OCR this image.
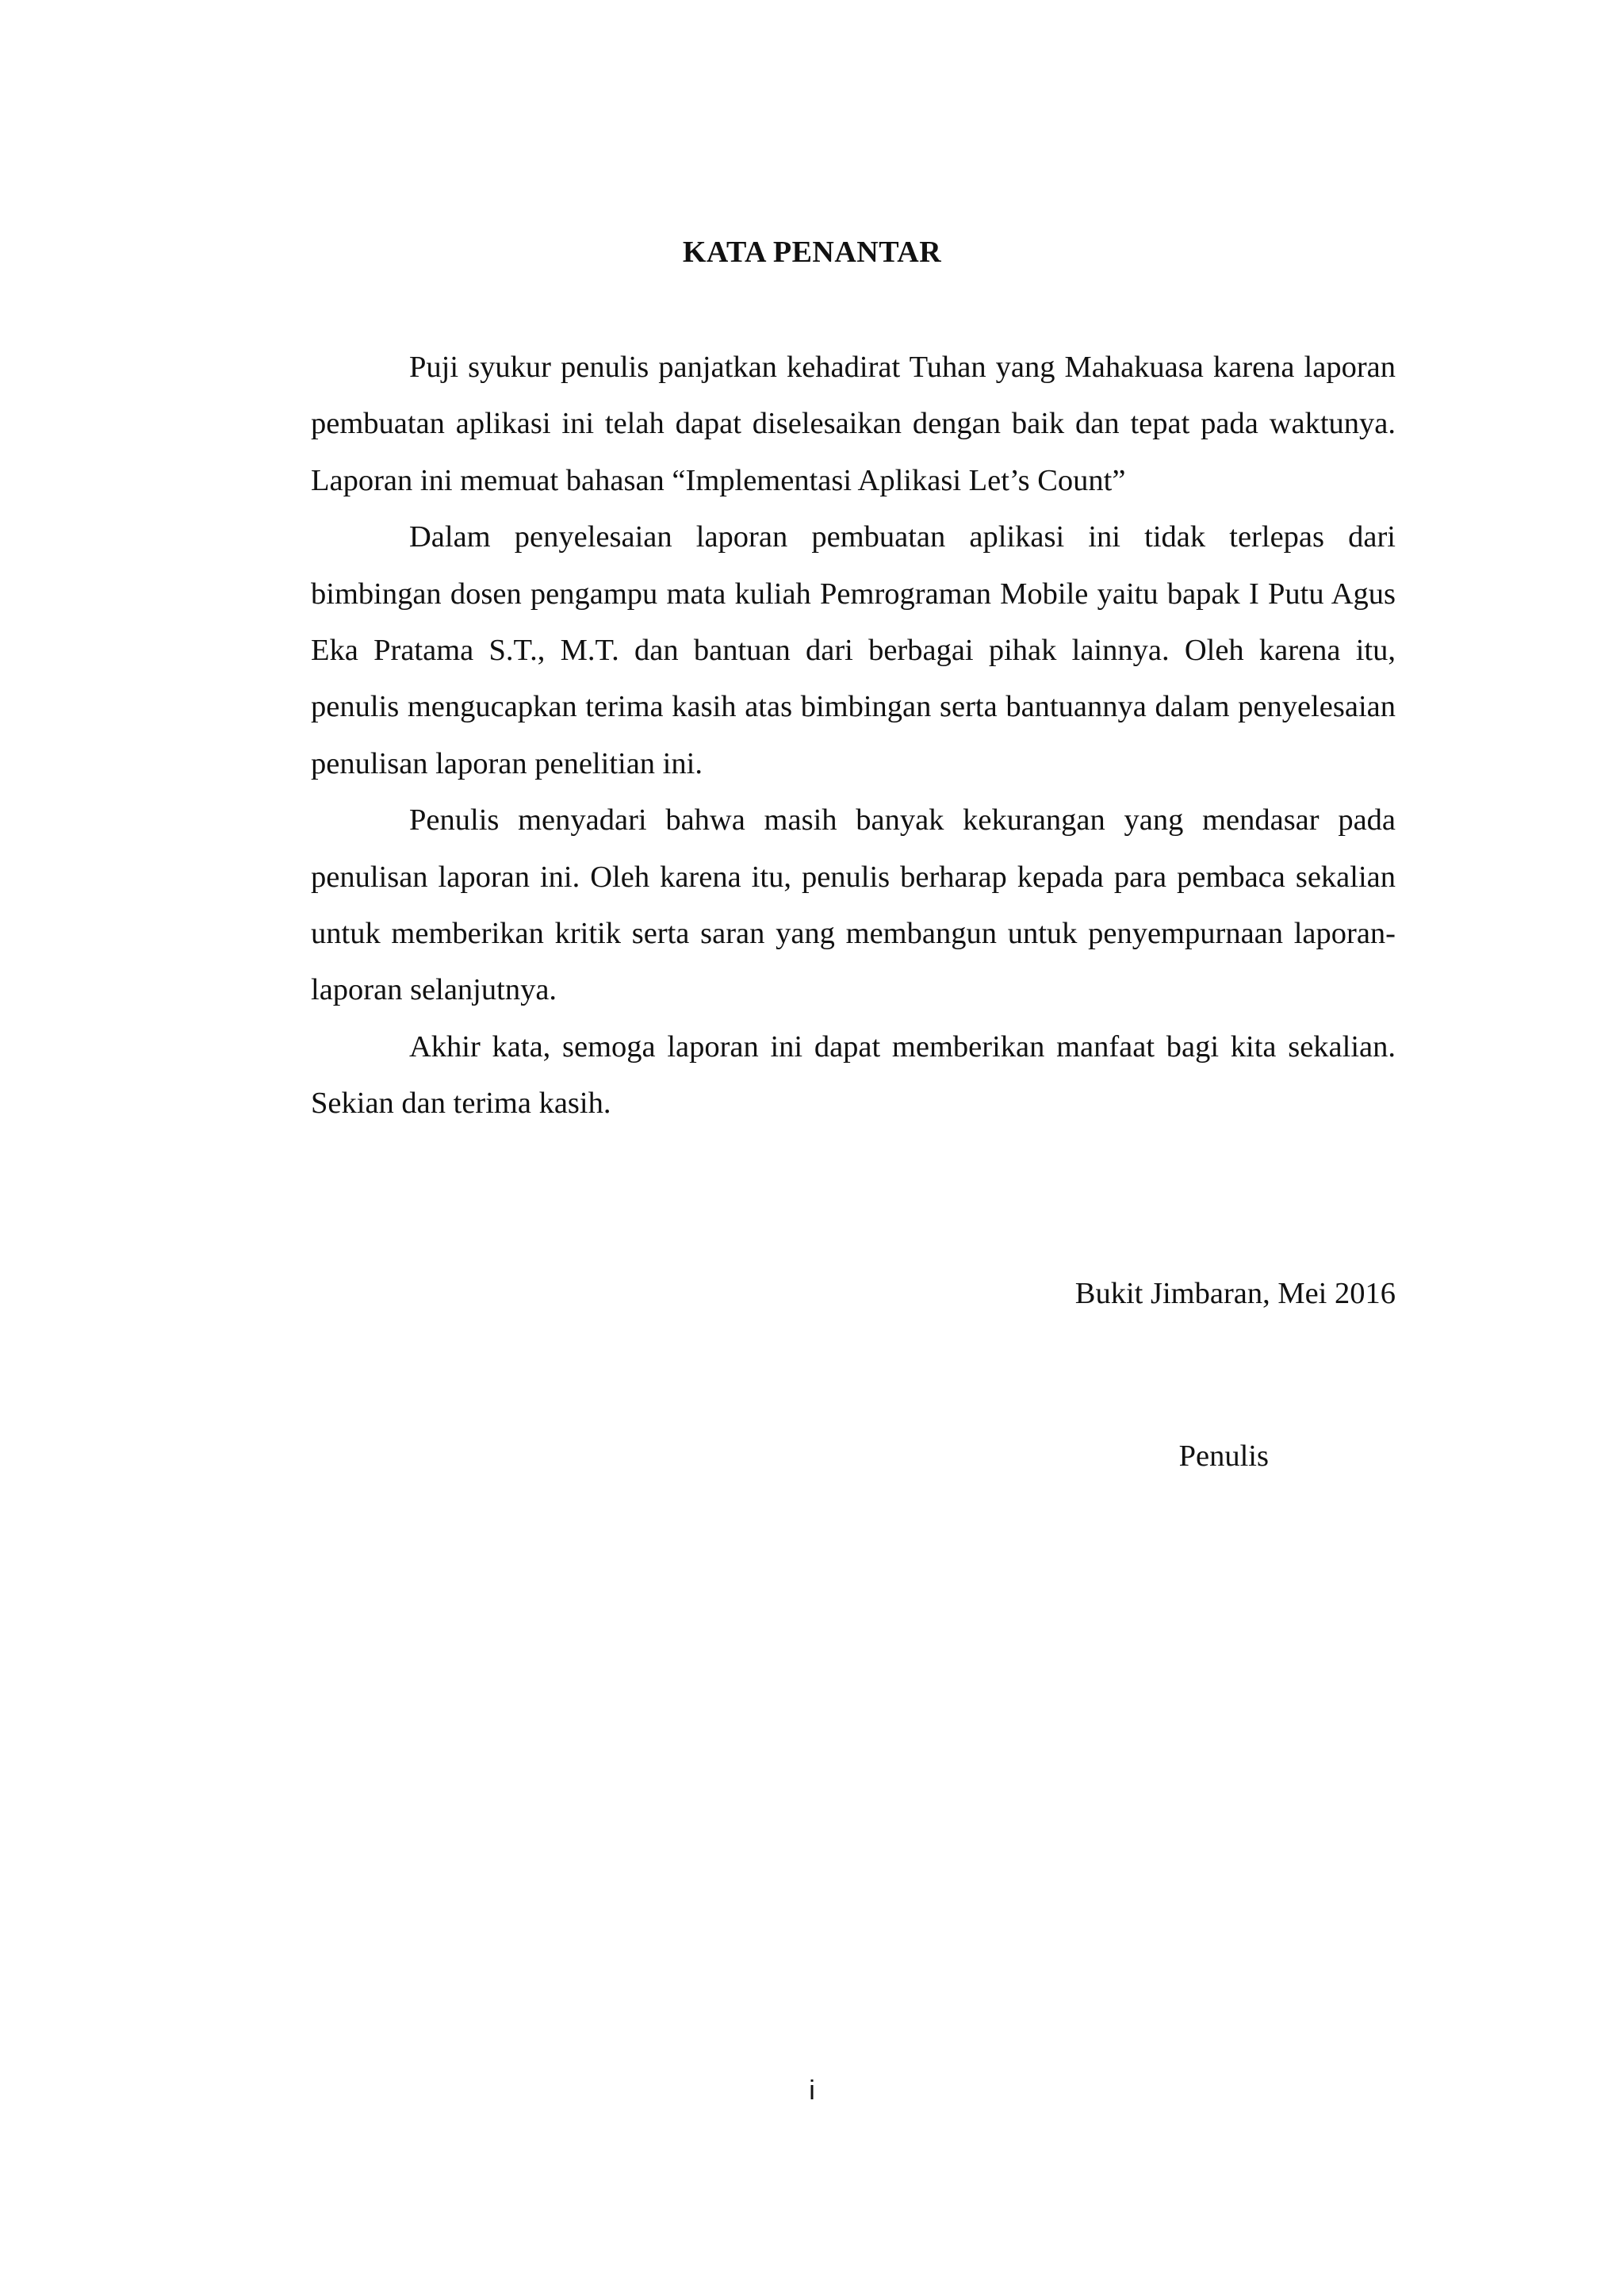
KATA PENANTAR

Puji syukur penulis panjatkan kehadirat Tuhan yang Mahakuasa karena laporan pembuatan aplikasi ini telah dapat diselesaikan dengan baik dan tepat pada waktunya. Laporan ini memuat bahasan “Implementasi Aplikasi Let’s Count”

Dalam penyelesaian laporan pembuatan aplikasi ini tidak terlepas dari bimbingan dosen pengampu mata kuliah Pemrograman Mobile yaitu bapak I Putu Agus Eka Pratama S.T., M.T. dan bantuan dari berbagai pihak lainnya. Oleh karena itu, penulis mengucapkan terima kasih atas bimbingan serta bantuannya dalam penyelesaian penulisan laporan penelitian ini.

Penulis menyadari bahwa masih banyak kekurangan yang mendasar pada penulisan laporan ini. Oleh karena itu, penulis berharap kepada para pembaca sekalian untuk memberikan kritik serta saran yang membangun untuk penyempurnaan laporan-laporan selanjutnya.

Akhir kata, semoga laporan ini dapat memberikan manfaat bagi kita sekalian. Sekian dan terima kasih.

Bukit Jimbaran, Mei 2016
Penulis
i
